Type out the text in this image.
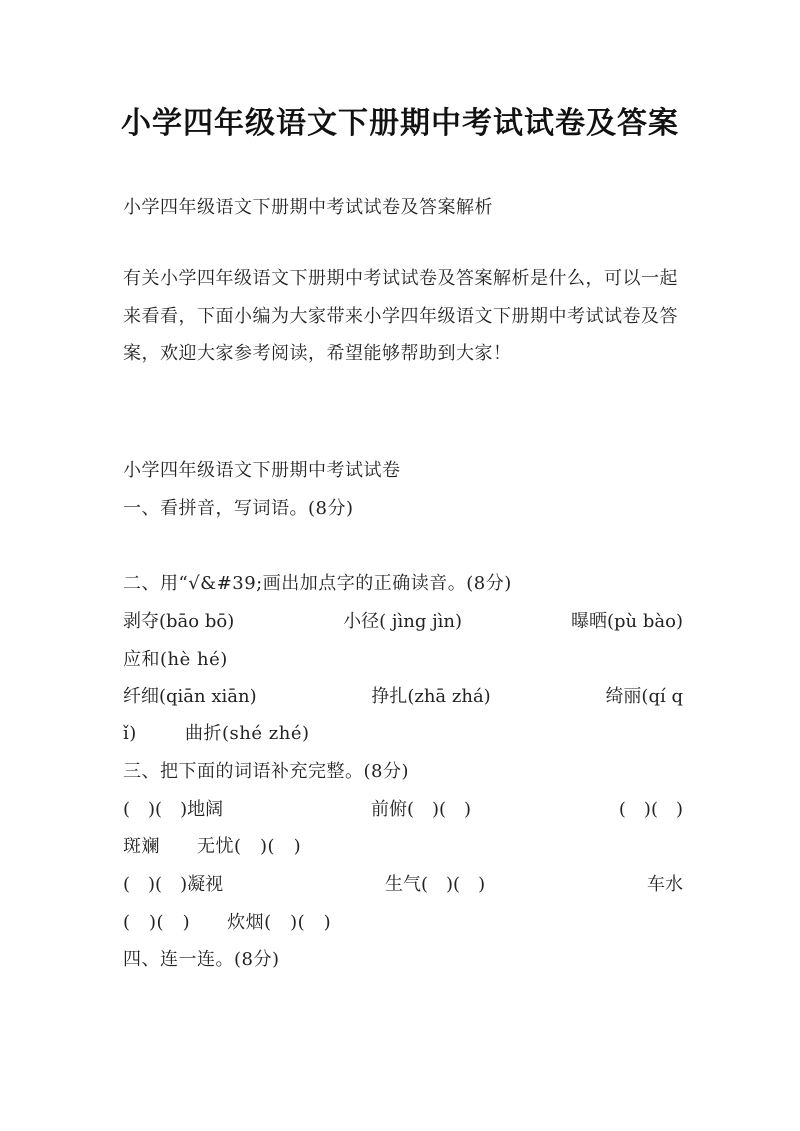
小学四年级语文下册期中考试试卷及答案
小学四年级语文下册期中考试试卷及答案解析
有关小学四年级语文下册期中考试试卷及答案解析是什么，可以一起来看看，下面小编为大家带来小学四年级语文下册期中考试试卷及答案，欢迎大家参考阅读，希望能够帮助到大家！
小学四年级语文下册期中考试试卷
一、看拼音，写词语。(8分)
二、用“√&#39;画出加点字的正确读音。(8分)
剥夺(bāo bō)	小径( jìng jìn)	曝晒(pù bào)
应和(hè hé)
纤细(qiān xiān)	挣扎(zhā zhá)	绮丽(qí q
ǐ)	曲折(shé zhé)
三、把下面的词语补充完整。(8分)
(　)(　)地阔	前俯(　)(　)	(　)(　)
斑斓　　无忧(　)(　)
(　)(　)凝视	生气(　)(　)	车水
(　)(　)　　炊烟(　)(　)
四、连一连。(8分)
